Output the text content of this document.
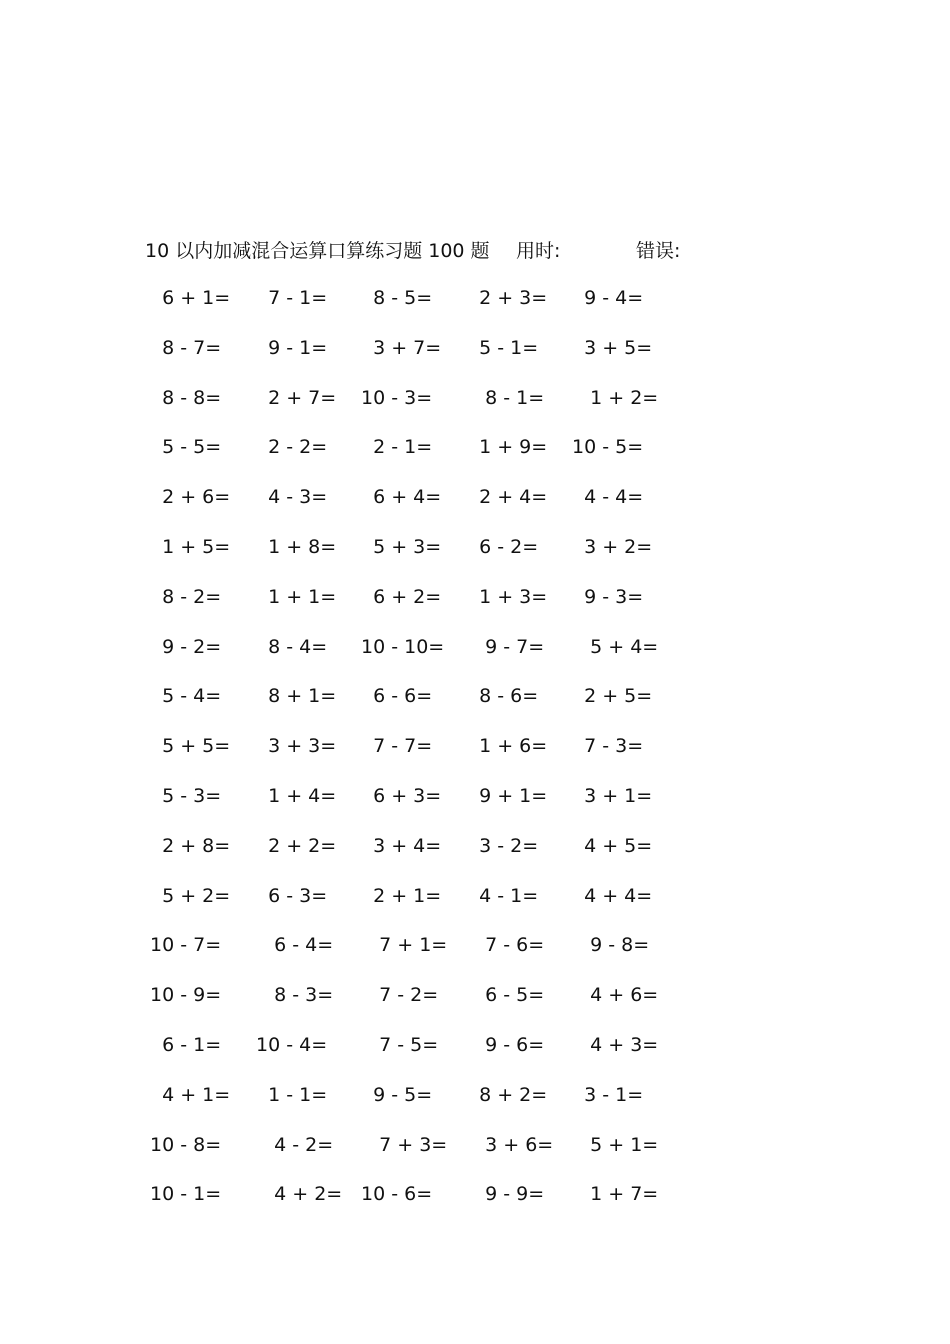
10 以内加减混合运算口算练习题 100 题 用时:	错误:
6 + 1= 7 - 1= 8 - 5= 2 + 3= 9 - 4=
8 - 7= 9 - 1= 3 + 7= 5 - 1= 3 + 5=
8 - 8= 2 + 7= 10 - 3= 8 - 1= 1 + 2=
5 - 5= 2 - 2= 2 - 1= 1 + 9= 10 - 5=
2 + 6= 4 - 3= 6 + 4= 2 + 4= 4 - 4=
1 + 5= 1 + 8= 5 + 3= 6 - 2= 3 + 2=
8 - 2= 1 + 1= 6 + 2= 1 + 3= 9 - 3=
9 - 2= 8 - 4= 10 - 10= 9 - 7= 5 + 4=
5 - 4= 8 + 1= 6 - 6= 8 - 6= 2 + 5=
5 + 5= 3 + 3= 7 - 7= 1 + 6= 7 - 3=
5 - 3= 1 + 4= 6 + 3= 9 + 1= 3 + 1=
2 + 8= 2 + 2= 3 + 4= 3 - 2= 4 + 5=
5 + 2= 6 - 3= 2 + 1= 4 - 1= 4 + 4=
10 - 7= 6 - 4= 7 + 1= 7 - 6= 9 - 8=
10 - 9= 8 - 3= 7 - 2= 6 - 5= 4 + 6=
6 - 1= 10 - 4= 7 - 5= 9 - 6= 4 + 3=
4 + 1= 1 - 1= 9 - 5= 8 + 2= 3 - 1=
10 - 8= 4 - 2= 7 + 3= 3 + 6= 5 + 1=
10 - 1= 4 + 2= 10 - 6= 9 - 9= 1 + 7=
